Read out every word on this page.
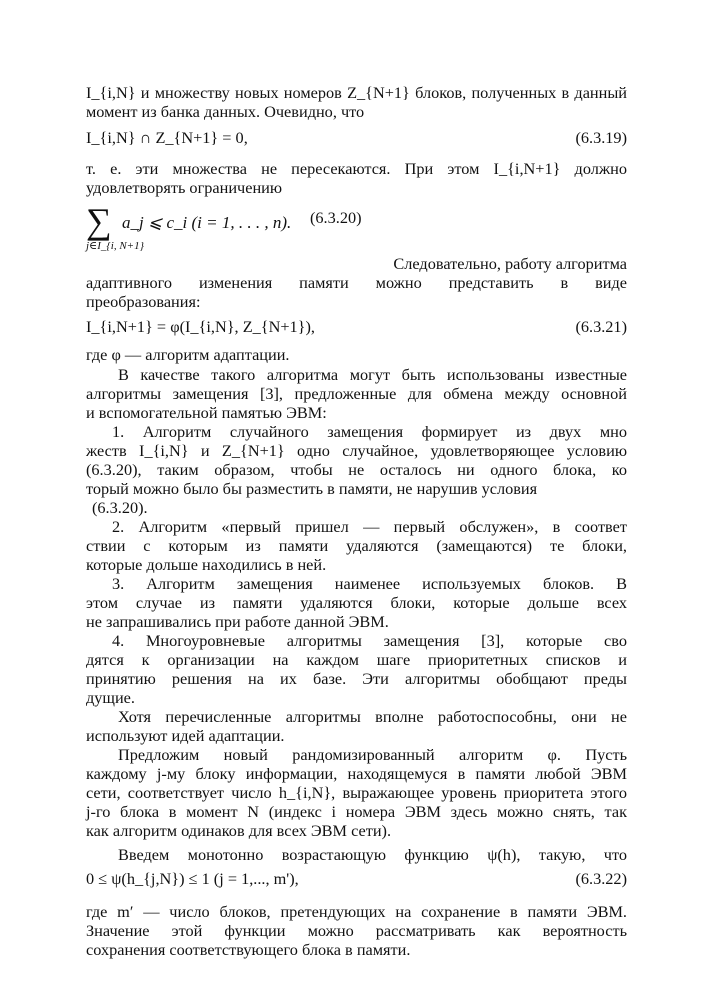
I_{i,N} и множеству новых номеров Z_{N+1} блоков, полученных в данный
момент из банка данных. Очевидно, что
I_{i,N} ∩ Z_{N+1} = 0,	(6.3.19)
т. е. эти множества не пересекаются. При этом I_{i,N+1} должно
удовлетворять ограничению
∑
j∈I_{i, N+1}
a_j ⩽ c_i (i = 1, . . . , n). (6.3.20)
Следовательно, работу алгоритма
адаптивного изменения памяти можно представить в виде
преобразования:
I_{i,N+1} = φ(I_{i,N}, Z_{N+1}),	(6.3.21)
где φ — алгоритм адаптации.
В качестве такого алгоритма могут быть использованы известные
алгоритмы замещения [3], предложенные для обмена между основной
и вспомогательной памятью ЭВМ:
1. Алгоритм случайного замещения формирует из двух мно
жеств I_{i,N} и Z_{N+1} одно случайное, удовлетворяющее условию
(6.3.20), таким образом, чтобы не осталось ни одного блока, ко
торый можно было бы разместить в памяти, не нарушив условия
(6.3.20).
2. Алгоритм «первый пришел — первый обслужен», в соответ
ствии с которым из памяти удаляются (замещаются) те блоки,
которые дольше находились в ней.
3. Алгоритм замещения наименее используемых блоков. В
этом случае из памяти удаляются блоки, которые дольше всех
не запрашивались при работе данной ЭВМ.
4. Многоуровневые алгоритмы замещения [3], которые сво
дятся к организации на каждом шаге приоритетных списков и
принятию решения на их базе. Эти алгоритмы обобщают преды
дущие.
Хотя перечисленные алгоритмы вполне работоспособны, они не
используют идей адаптации.
Предложим новый рандомизированный алгоритм φ. Пусть
каждому j-му блоку информации, находящемуся в памяти любой ЭВМ
сети, соответствует число h_{i,N}, выражающее уровень приоритета этого
j-го блока в момент N (индекс i номера ЭВМ здесь можно снять, так
как алгоритм одинаков для всех ЭВМ сети).
Введем монотонно возрастающую функцию ψ(h), такую, что
0 ≤ ψ(h_{j,N}) ≤ 1 (j = 1,..., m'),	(6.3.22)
где m′ — число блоков, претендующих на сохранение в памяти ЭВМ.
Значение этой функции можно рассматривать как вероятность
сохранения соответствующего блока в памяти.
